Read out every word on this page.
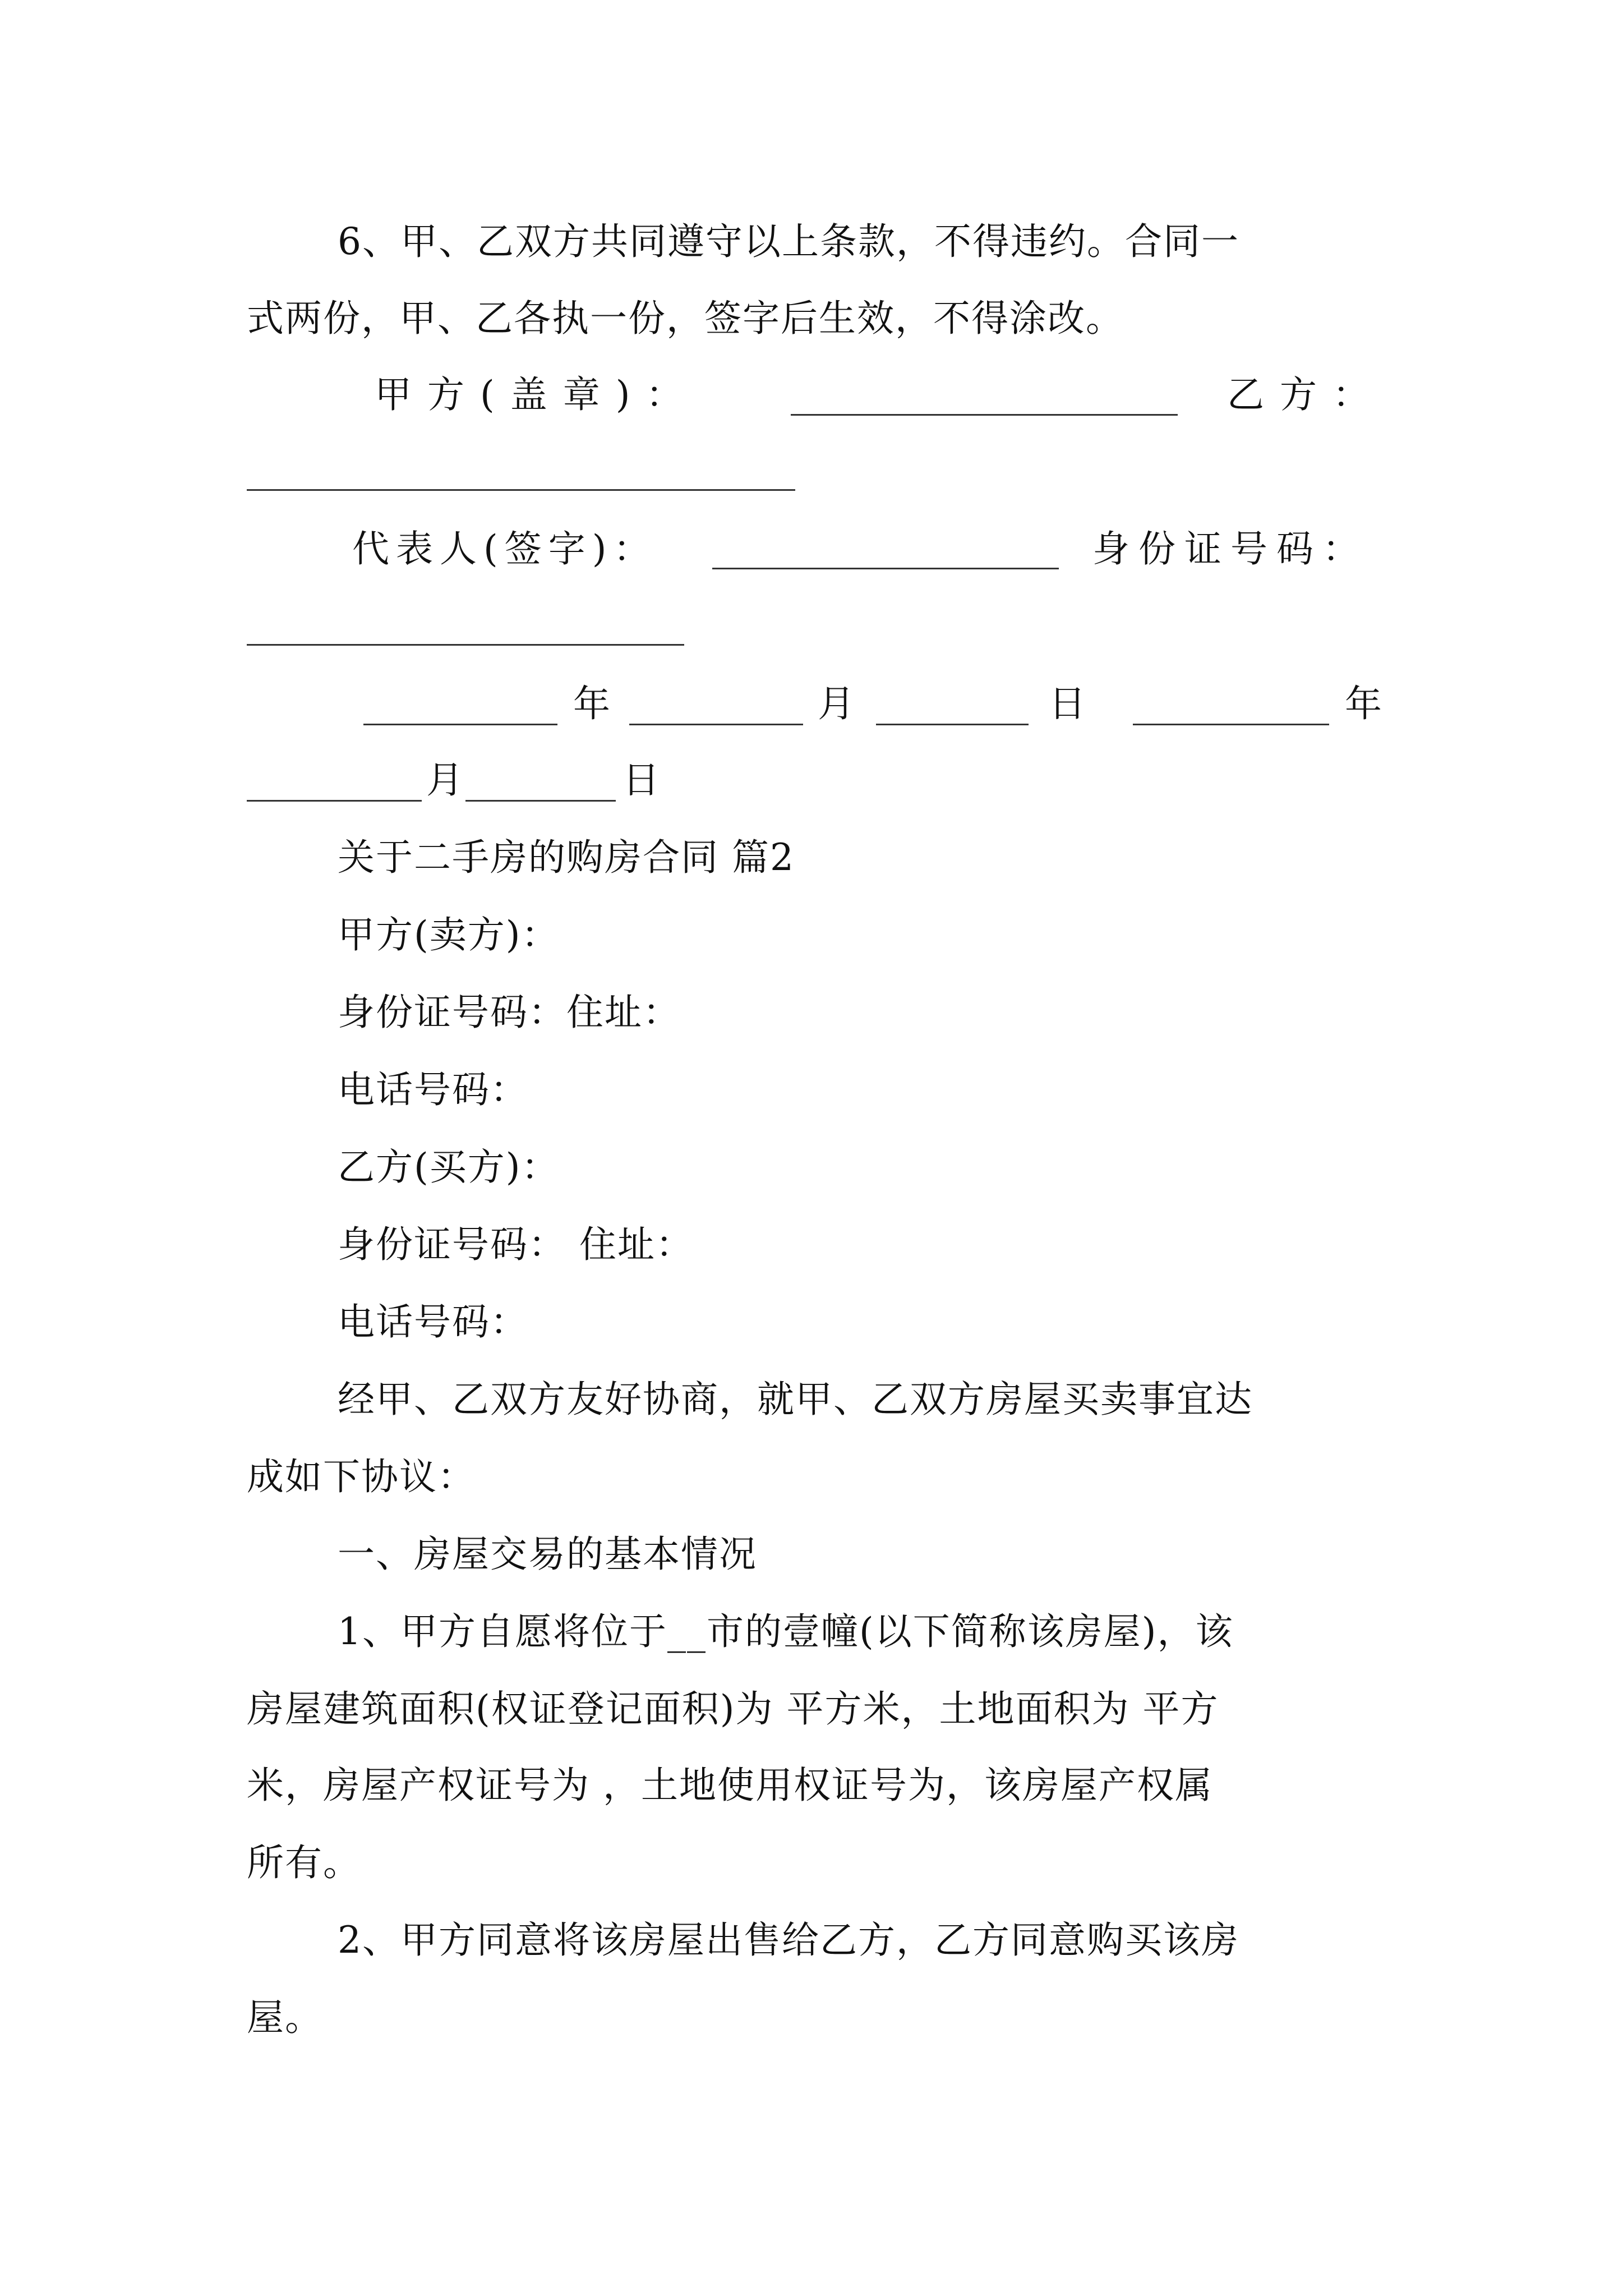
6、甲、乙双方共同遵守以上条款，不得违约。合同一
式两份，甲、乙各执一份，签字后生效，不得涂改。
甲方(盖章)：	乙方：
代表人(签字)：	身份证号码：
年	月	日	年
月	日
关于二手房的购房合同 篇2
甲方(卖方)：
身份证号码：住址：
电话号码：
乙方(买方)：
身份证号码： 住址：
电话号码：
经甲、乙双方友好协商，就甲、乙双方房屋买卖事宜达
成如下协议：
一、房屋交易的基本情况
1、甲方自愿将位于__市的壹幢(以下简称该房屋)，该
房屋建筑面积(权证登记面积)为 平方米，土地面积为 平方
米，房屋产权证号为 ，土地使用权证号为，该房屋产权属
所有。
2、甲方同意将该房屋出售给乙方，乙方同意购买该房
屋。
